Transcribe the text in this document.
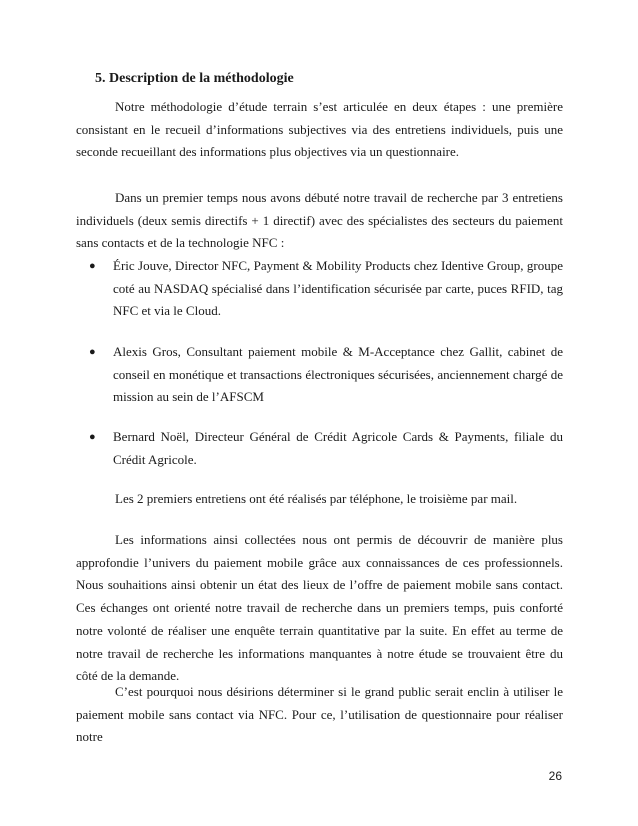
5. Description de la méthodologie
Notre méthodologie d’étude terrain s’est articulée en deux étapes : une première consistant en le recueil d’informations subjectives via des entretiens individuels, puis une seconde recueillant des informations plus objectives via un questionnaire.
Dans un premier temps nous avons débuté notre travail de recherche par 3 entretiens individuels (deux semis directifs + 1 directif) avec des spécialistes des secteurs du paiement sans contacts et de la technologie NFC :
● Éric Jouve, Director NFC, Payment & Mobility Products chez Identive Group, groupe coté au NASDAQ spécialisé dans l’identification sécurisée par carte, puces RFID, tag NFC et via le Cloud.
● Alexis Gros, Consultant paiement mobile & M-Acceptance chez Gallit, cabinet de conseil en monétique et transactions électroniques sécurisées, anciennement chargé de mission au sein de l’AFSCM
● Bernard Noël, Directeur Général de Crédit Agricole Cards & Payments, filiale du Crédit Agricole.
Les 2 premiers entretiens ont été réalisés par téléphone, le troisième par mail.
Les informations ainsi collectées nous ont permis de découvrir de manière plus approfondie l’univers du paiement mobile grâce aux connaissances de ces professionnels. Nous souhaitions ainsi obtenir un état des lieux de l’offre de paiement mobile sans contact. Ces échanges ont orienté notre travail de recherche dans un premiers temps, puis conforté notre volonté de réaliser une enquête terrain quantitative par la suite. En effet au terme de notre travail de recherche les informations manquantes à notre étude se trouvaient être du côté de la demande.
C’est pourquoi nous désirions déterminer si le grand public serait enclin à utiliser le paiement mobile sans contact via NFC. Pour ce, l’utilisation de questionnaire pour réaliser notre
26
